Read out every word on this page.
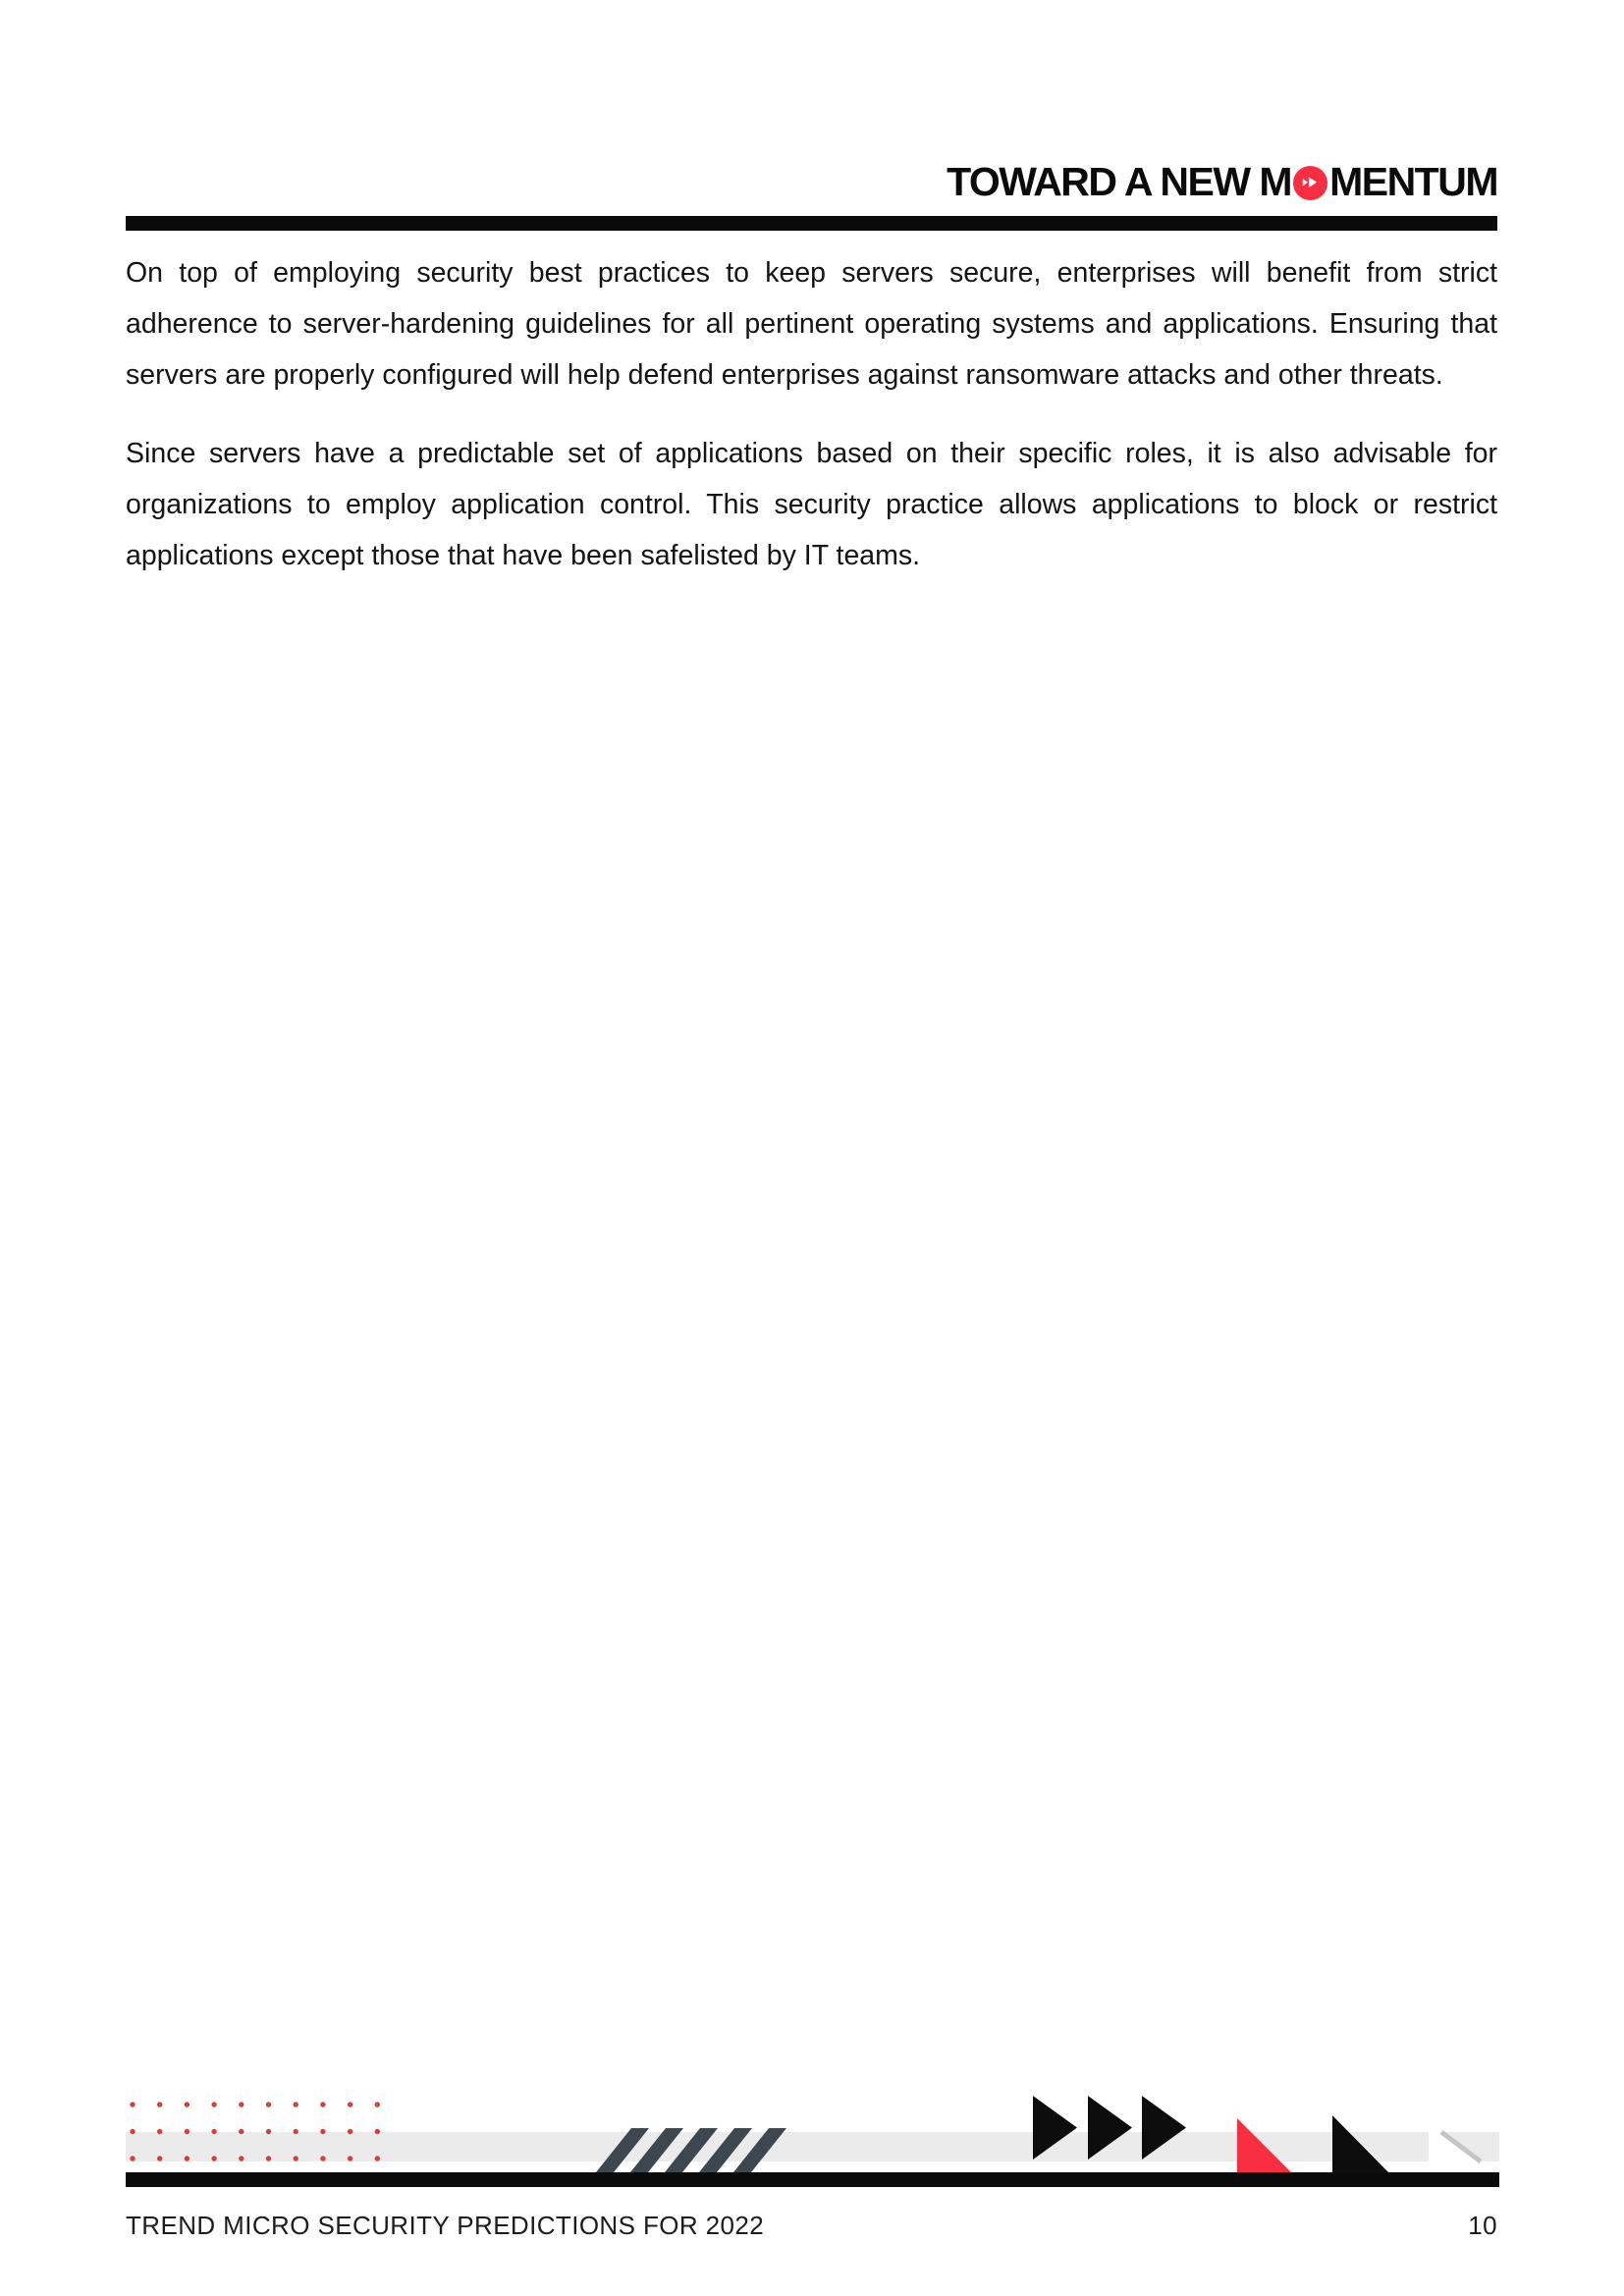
TOWARD A NEW M MENTUM

On top of employing security best practices to keep servers secure, enterprises will benefit from strict adherence to server-hardening guidelines for all pertinent operating systems and applications. Ensuring that servers are properly configured will help defend enterprises against ransomware attacks and other threats.

Since servers have a predictable set of applications based on their specific roles, it is also advisable for organizations to employ application control. This security practice allows applications to block or restrict applications except those that have been safelisted by IT teams.

TREND MICRO SECURITY PREDICTIONS FOR 2022	10
